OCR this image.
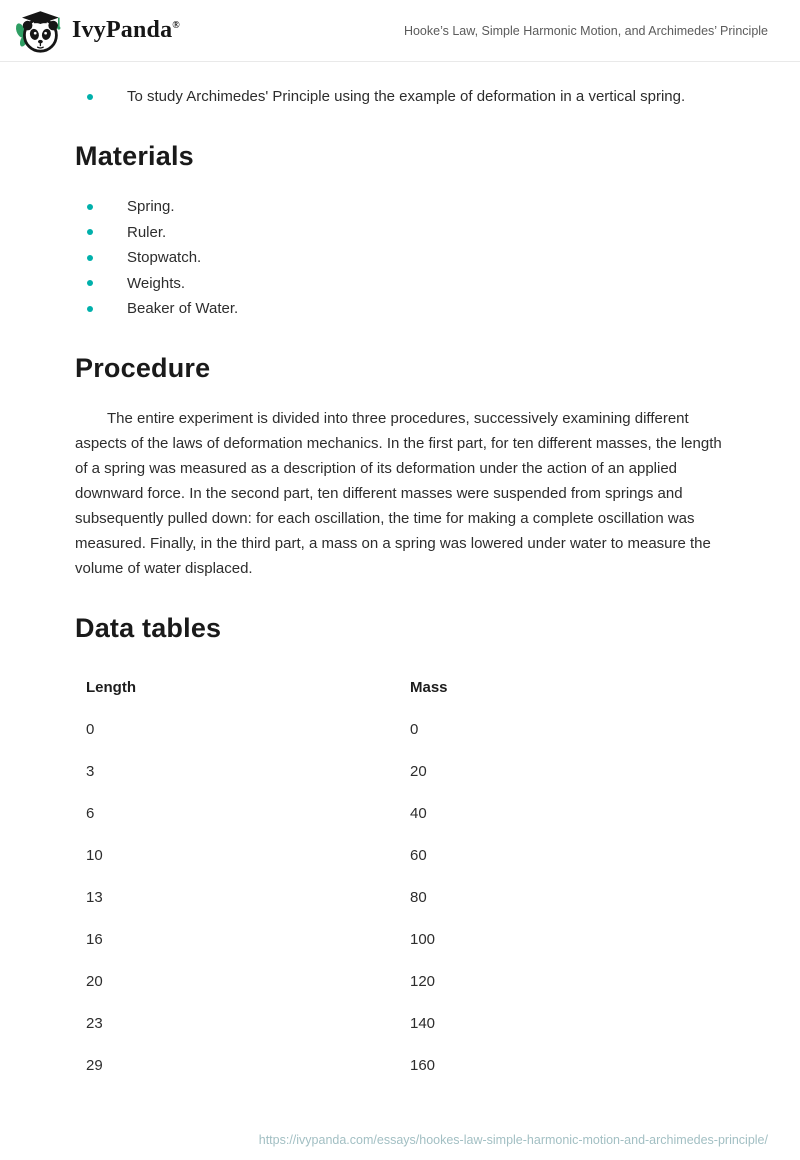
IvyPanda®	Hooke’s Law, Simple Harmonic Motion, and Archimedes’ Principle
To study Archimedes' Principle using the example of deformation in a vertical spring.
Materials
Spring.
Ruler.
Stopwatch.
Weights.
Beaker of Water.
Procedure

The entire experiment is divided into three procedures, successively examining different aspects of the laws of deformation mechanics. In the first part, for ten different masses, the length of a spring was measured as a description of its deformation under the action of an applied downward force. In the second part, ten different masses were suspended from springs and subsequently pulled down: for each oscillation, the time for making a complete oscillation was measured. Finally, in the third part, a mass on a spring was lowered under water to measure the volume of water displaced.

Data tables
Length	Mass
0	0
3	20
6	40
10	60
13	80
16	100
20	120
23	140
29	160
https://ivypanda.com/essays/hookes-law-simple-harmonic-motion-and-archimedes-principle/
